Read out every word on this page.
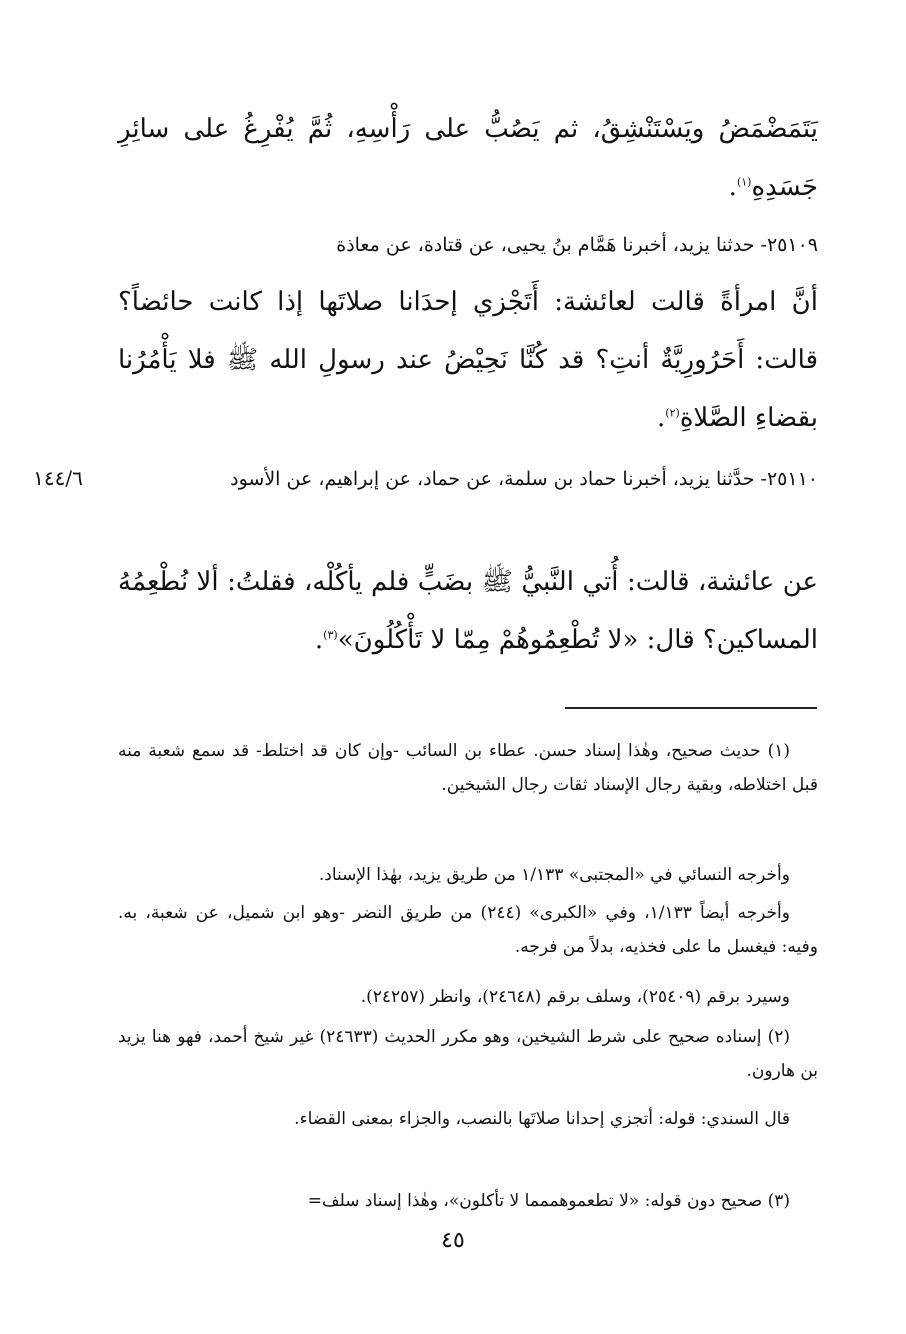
يَتَمَضْمَضُ ويَسْتَنْشِقُ، ثم يَصُبُّ على رَأْسِهِ، ثُمَّ يُفْرِغُ على سائِرِ جَسَدِهِ$^{(١)}$.
٢٥١٠٩- حدثنا يزيد، أخبرنا هَمَّام بنُ يحيى، عن قتادة، عن معاذة
أنَّ امرأةً قالت لعائشة: أَتَجْزي إحدَانا صلاتَها إذا كانت حائضاً؟ قالت: أَحَرُورِيَّةٌ أنتِ؟ قد كُنَّا نَحِيْضُ عند رسولِ الله ﷺ فلا يَأْمُرُنا بقضاءِ الصَّلاةِ$^{(٢)}$.
١٤٤/٦	٢٥١١٠- حدَّثنا يزيد، أخبرنا حماد بن سلمة، عن حماد، عن إبراهيم، عن الأسود
عن عائشة، قالت: أُتي النَّبيُّ ﷺ بضَبٍّ فلم يأكُلْه، فقلتُ: ألا نُطْعِمُهُ المساكين؟ قال: «لا تُطْعِمُوهُمْ مِمّا لا تَأْكُلُونَ»$^{(٣)}$.
(١) حديث صحيح، وهٰذا إسناد حسن. عطاء بن السائب -وإن كان قد اختلط- قد سمع شعبة منه قبل اختلاطه، وبقية رجال الإسناد ثقات رجال الشيخين.
وأخرجه النسائي في «المجتبى» ١/١٣٣ من طريق يزيد، بهٰذا الإسناد.
وأخرجه أيضاً ١/١٣٣، وفي «الكبرى» (٢٤٤) من طريق النضر -وهو ابن شميل، عن شعبة، به. وفيه: فيغسل ما على فخذيه، بدلاً من فرجه.
وسيرد برقم (٢٥٤٠٩)، وسلف برقم (٢٤٦٤٨)، وانظر (٢٤٢٥٧).
(٢) إسناده صحيح على شرط الشيخين، وهو مكرر الحديث (٢٤٦٣٣) غير شيخ أحمد، فهو هنا يزيد بن هارون.
قال السندي: قوله: أتجزي إحدانا صلاتَها بالنصب، والجزاء بمعنى القضاء.
(٣) صحيح دون قوله: «لا تطعموهممما لا تأكلون»، وهٰذا إسناد سلف=
٤٥
